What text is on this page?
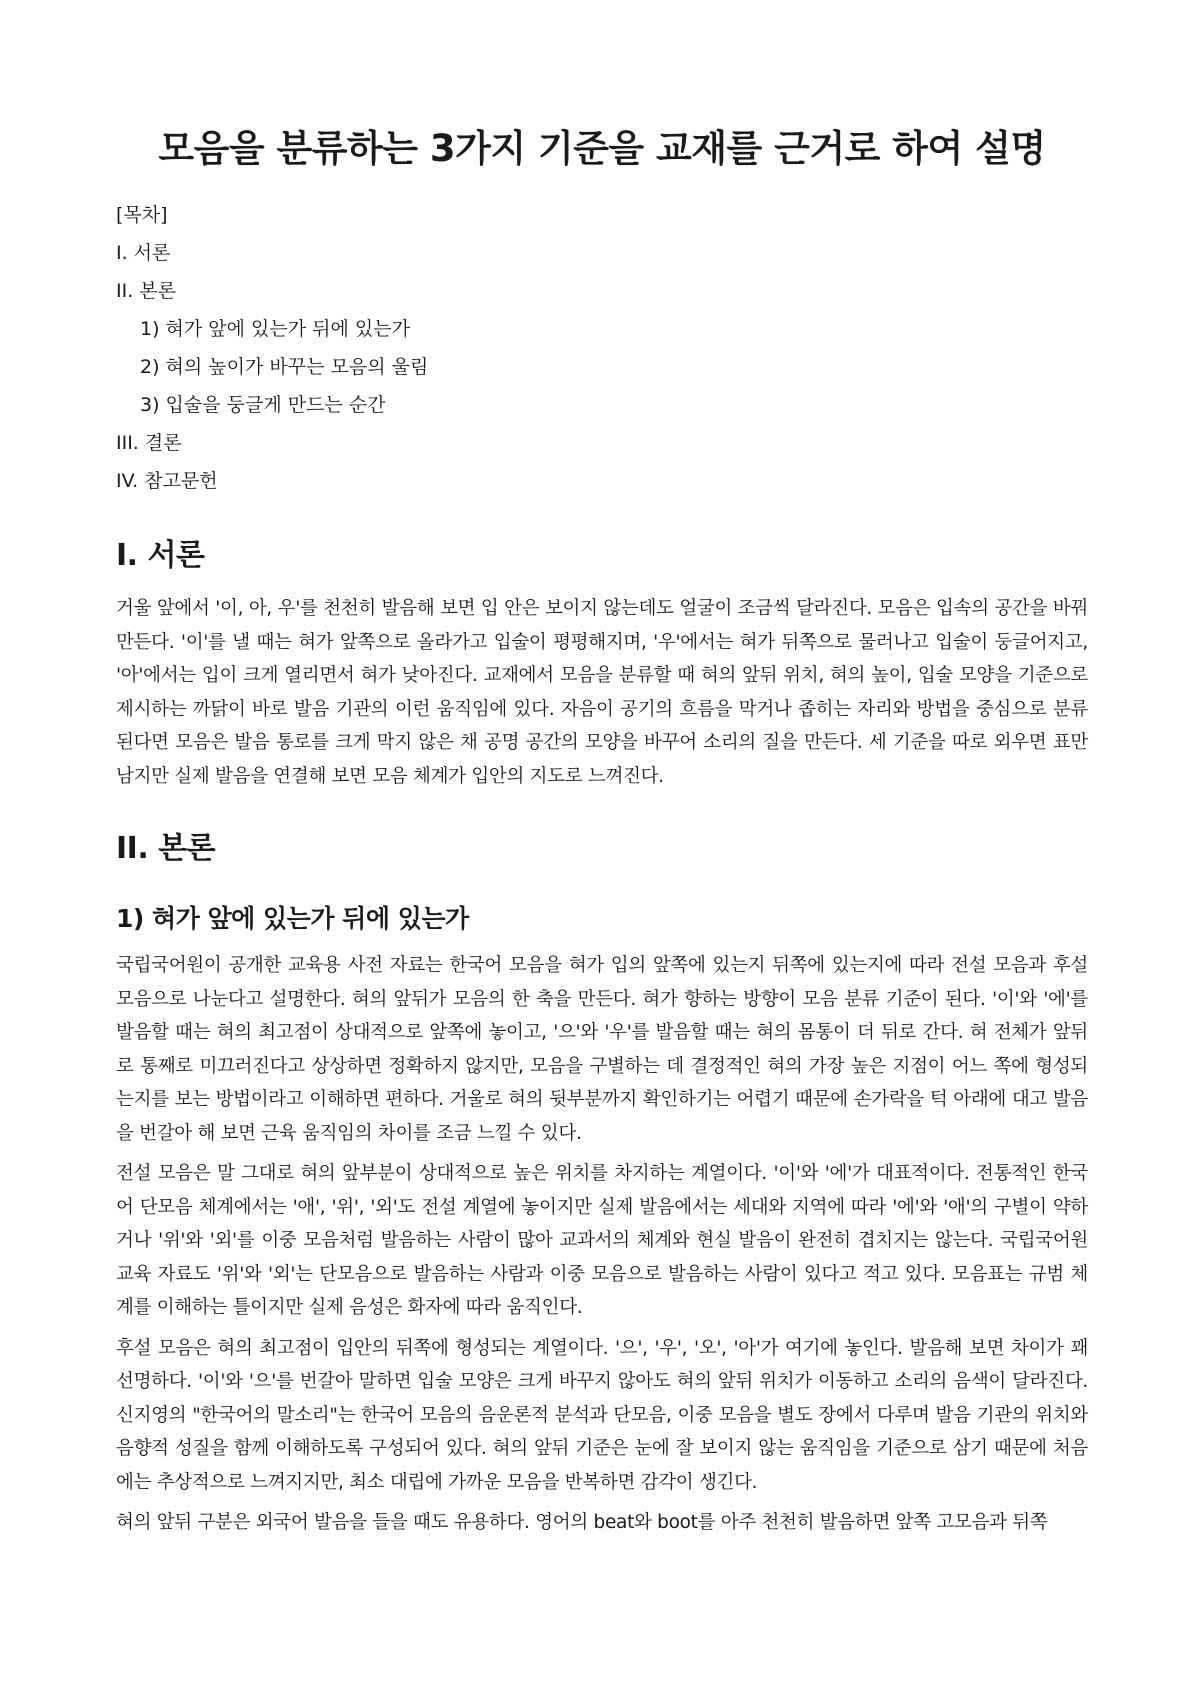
모음을 분류하는 3가지 기준을 교재를 근거로 하여 설명
[목차]
I. 서론
II. 본론
1) 혀가 앞에 있는가 뒤에 있는가
2) 혀의 높이가 바꾸는 모음의 울림
3) 입술을 둥글게 만드는 순간
III. 결론
IV. 참고문헌
I. 서론

거울 앞에서 '이, 아, 우'를 천천히 발음해 보면 입 안은 보이지 않는데도 얼굴이 조금씩 달라진다. 모음은 입속의 공간을 바꿔 만든다. '이'를 낼 때는 혀가 앞쪽으로 올라가고 입술이 평평해지며, '우'에서는 혀가 뒤쪽으로 물러나고 입술이 둥글어지고, '아'에서는 입이 크게 열리면서 혀가 낮아진다. 교재에서 모음을 분류할 때 혀의 앞뒤 위치, 혀의 높이, 입술 모양을 기준으로 제시하는 까닭이 바로 발음 기관의 이런 움직임에 있다. 자음이 공기의 흐름을 막거나 좁히는 자리와 방법을 중심으로 분류된다면 모음은 발음 통로를 크게 막지 않은 채 공명 공간의 모양을 바꾸어 소리의 질을 만든다. 세 기준을 따로 외우면 표만 남지만 실제 발음을 연결해 보면 모음 체계가 입안의 지도로 느껴진다.

II. 본론
1) 혀가 앞에 있는가 뒤에 있는가

국립국어원이 공개한 교육용 사전 자료는 한국어 모음을 혀가 입의 앞쪽에 있는지 뒤쪽에 있는지에 따라 전설 모음과 후설 모음으로 나눈다고 설명한다. 혀의 앞뒤가 모음의 한 축을 만든다. 혀가 향하는 방향이 모음 분류 기준이 된다. '이'와 '에'를 발음할 때는 혀의 최고점이 상대적으로 앞쪽에 놓이고, '으'와 '우'를 발음할 때는 혀의 몸통이 더 뒤로 간다. 혀 전체가 앞뒤로 통째로 미끄러진다고 상상하면 정확하지 않지만, 모음을 구별하는 데 결정적인 혀의 가장 높은 지점이 어느 쪽에 형성되는지를 보는 방법이라고 이해하면 편하다. 거울로 혀의 뒷부분까지 확인하기는 어렵기 때문에 손가락을 턱 아래에 대고 발음을 번갈아 해 보면 근육 움직임의 차이를 조금 느낄 수 있다.

전설 모음은 말 그대로 혀의 앞부분이 상대적으로 높은 위치를 차지하는 계열이다. '이'와 '에'가 대표적이다. 전통적인 한국어 단모음 체계에서는 '애', '위', '외'도 전설 계열에 놓이지만 실제 발음에서는 세대와 지역에 따라 '에'와 '애'의 구별이 약하거나 '위'와 '외'를 이중 모음처럼 발음하는 사람이 많아 교과서의 체계와 현실 발음이 완전히 겹치지는 않는다. 국립국어원 교육 자료도 '위'와 '외'는 단모음으로 발음하는 사람과 이중 모음으로 발음하는 사람이 있다고 적고 있다. 모음표는 규범 체계를 이해하는 틀이지만 실제 음성은 화자에 따라 움직인다.

후설 모음은 혀의 최고점이 입안의 뒤쪽에 형성되는 계열이다. '으', '우', '오', '아'가 여기에 놓인다. 발음해 보면 차이가 꽤 선명하다. '이'와 '으'를 번갈아 말하면 입술 모양은 크게 바꾸지 않아도 혀의 앞뒤 위치가 이동하고 소리의 음색이 달라진다. 신지영의 "한국어의 말소리"는 한국어 모음의 음운론적 분석과 단모음, 이중 모음을 별도 장에서 다루며 발음 기관의 위치와 음향적 성질을 함께 이해하도록 구성되어 있다. 혀의 앞뒤 기준은 눈에 잘 보이지 않는 움직임을 기준으로 삼기 때문에 처음에는 추상적으로 느껴지지만, 최소 대립에 가까운 모음을 반복하면 감각이 생긴다.

혀의 앞뒤 구분은 외국어 발음을 들을 때도 유용하다. 영어의 beat와 boot를 아주 천천히 발음하면 앞쪽 고모음과 뒤쪽
